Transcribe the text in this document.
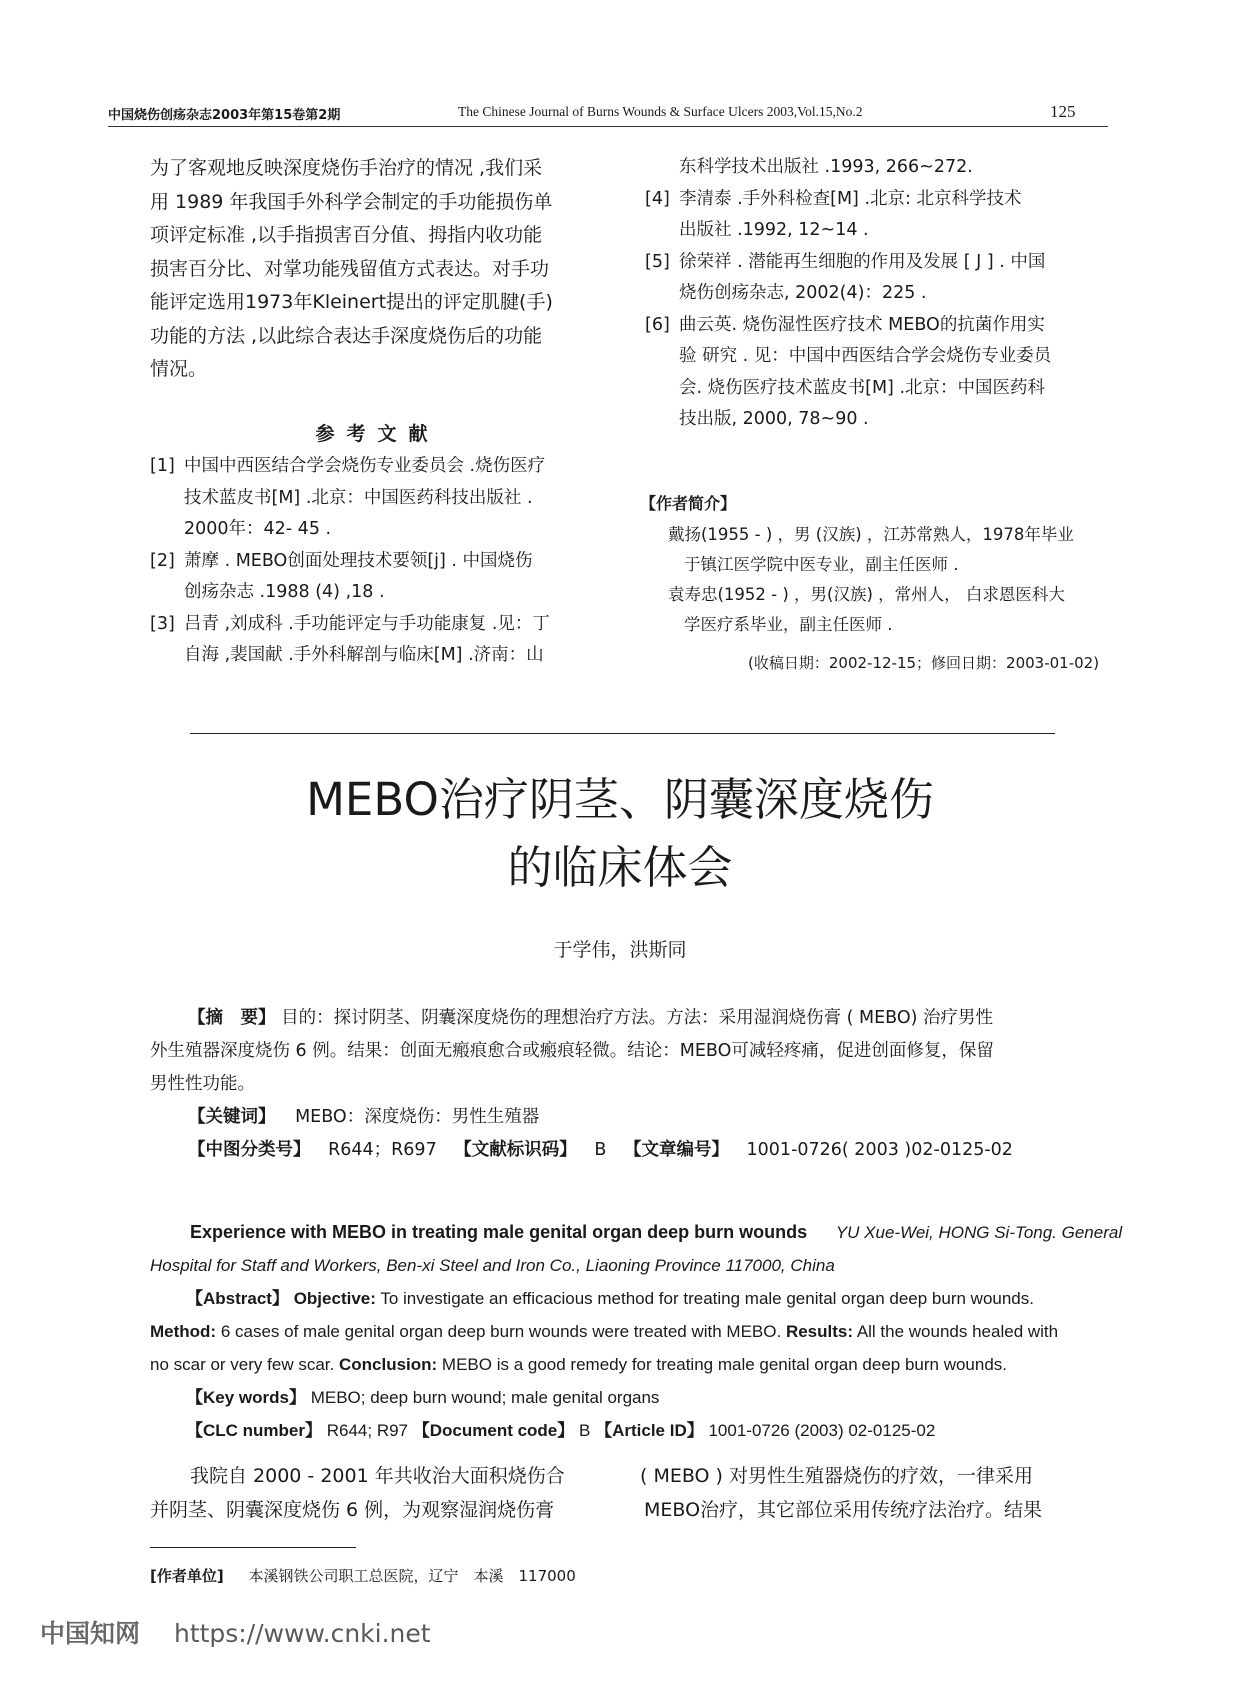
中国烧伤创疡杂志2003年第15卷第2期	The Chinese Journal of Burns Wounds & Surface Ulcers 2003,Vol.15,No.2	125
为了客观地反映深度烧伤手治疗的情况 ,我们采
用 1989 年我国手外科学会制定的手功能损伤单
项评定标准 ,以手指损害百分值、拇指内收功能
损害百分比、对掌功能残留值方式表达。对手功
能评定选用1973年Kleinert提出的评定肌腱(手)
功能的方法 ,以此综合表达手深度烧伤后的功能
情况。
参考文献
[1] 中国中西医结合学会烧伤专业委员会 .烧伤医疗
技术蓝皮书[M] .北京：中国医药科技出版社 .
2000年：42- 45 .
[2] 萧摩 . MEBO创面处理技术要领[j] . 中国烧伤
创疡杂志 .1988 (4) ,18 .
[3] 吕青 ,刘成科 .手功能评定与手功能康复 .见：丁
自海 ,裴国献 .手外科解剖与临床[M] .济南：山
东科学技术出版社 .1993, 266~272.
[4] 李清泰 .手外科检查[M] .北京: 北京科学技术
出版社 .1992, 12~14 .
[5] 徐荣祥 . 潜能再生细胞的作用及发展 [ J ] . 中国
烧伤创疡杂志, 2002(4)：225 .
[6] 曲云英. 烧伤湿性医疗技术 MEBO的抗菌作用实
验 研究 . 见：中国中西医结合学会烧伤专业委员
会. 烧伤医疗技术蓝皮书[M] .北京：中国医药科
技出版, 2000, 78~90 .
【作者简介】
戴扬(1955 - ) ，男 (汉族) ，江苏常熟人，1978年毕业
于镇江医学院中医专业，副主任医师 .
袁寿忠(1952 - ) ，男(汉族) ，常州人， 白求恩医科大
学医疗系毕业，副主任医师 .
(收稿日期：2002-12-15；修回日期：2003-01-02)
MEBO治疗阴茎、阴囊深度烧伤
的临床体会
于学伟，洪斯同
【摘　要】 目的：探讨阴茎、阴囊深度烧伤的理想治疗方法。方法：采用湿润烧伤膏 ( MEBO) 治疗男性
外生殖器深度烧伤 6 例。结果：创面无瘢痕愈合或瘢痕轻微。结论：MEBO可减轻疼痛，促进创面修复，保留
男性性功能。
【关键词】 MEBO：深度烧伤：男性生殖器
【中图分类号】 R644；R697 【文献标识码】 B 【文章编号】 1001-0726( 2003 )02-0125-02
Experience with MEBO in treating male genital organ deep burn wounds YU Xue-Wei, HONG Si-Tong. General
Hospital for Staff and Workers, Ben-xi Steel and Iron Co., Liaoning Province 117000, China
【Abstract】 Objective: To investigate an efficacious method for treating male genital organ deep burn wounds.
Method: 6 cases of male genital organ deep burn wounds were treated with MEBO. Results: All the wounds healed with
no scar or very few scar. Conclusion: MEBO is a good remedy for treating male genital organ deep burn wounds.
【Key words】 MEBO; deep burn wound; male genital organs
【CLC number】 R644; R97 【Document code】 B 【Article ID】 1001-0726 (2003) 02-0125-02
我院自 2000 - 2001 年共收治大面积烧伤合
并阴茎、阴囊深度烧伤 6 例，为观察湿润烧伤膏
( MEBO ) 对男性生殖器烧伤的疗效，一律采用
MEBO治疗，其它部位采用传统疗法治疗。结果
[作者单位] 本溪钢铁公司职工总医院，辽宁　本溪　117000
中国知网 https://www.cnki.net
